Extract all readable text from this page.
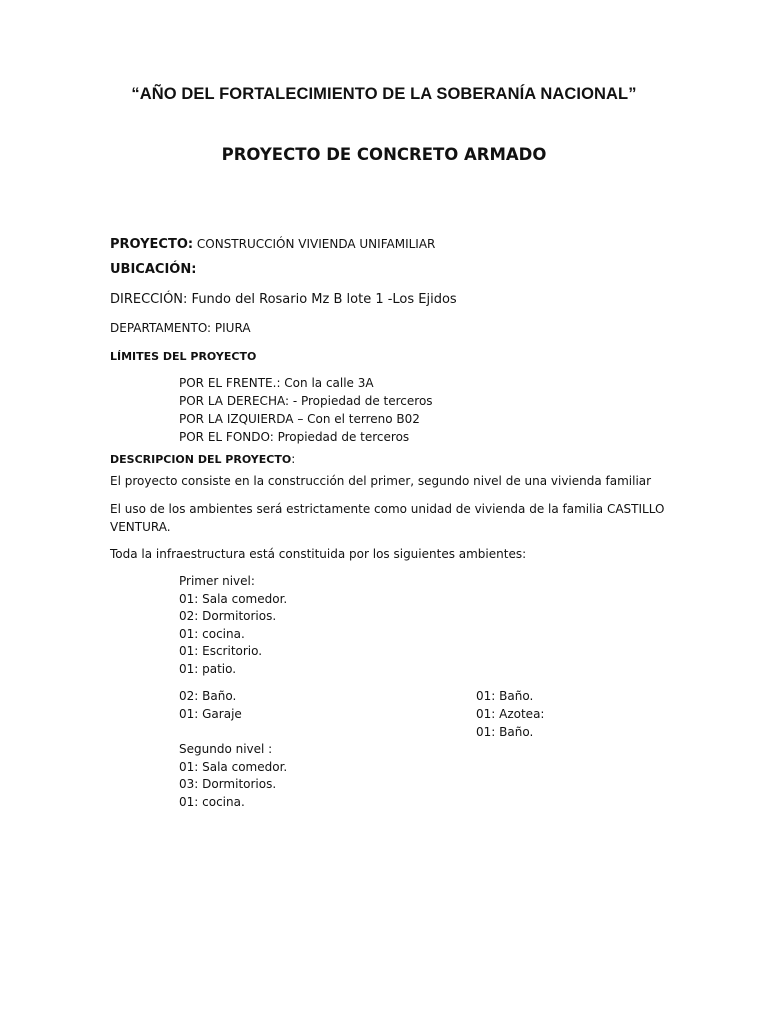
“AÑO DEL FORTALECIMIENTO DE LA SOBERANÍA NACIONAL”
PROYECTO DE CONCRETO ARMADO
PROYECTO: CONSTRUCCIÓN VIVIENDA UNIFAMILIAR
UBICACIÓN:
DIRECCIÓN: Fundo del Rosario Mz B lote 1 -Los Ejidos
DEPARTAMENTO: PIURA
LÍMITES DEL PROYECTO
POR EL FRENTE.: Con la calle 3A
POR LA DERECHA: - Propiedad de terceros
POR LA IZQUIERDA – Con el terreno B02
POR EL FONDO: Propiedad de terceros
DESCRIPCION DEL PROYECTO:
El proyecto consiste en la construcción del primer, segundo nivel de una vivienda familiar
El uso de los ambientes será estrictamente como unidad de vivienda de la familia CASTILLO
VENTURA.
Toda la infraestructura está constituida por los siguientes ambientes:
Primer nivel:
01: Sala comedor.
02: Dormitorios.
01: cocina.
01: Escritorio.
01: patio.
02: Baño.
01: Garaje
01: Baño.
01: Azotea:
01: Baño.
Segundo nivel :
01: Sala comedor.
03: Dormitorios.
01: cocina.
